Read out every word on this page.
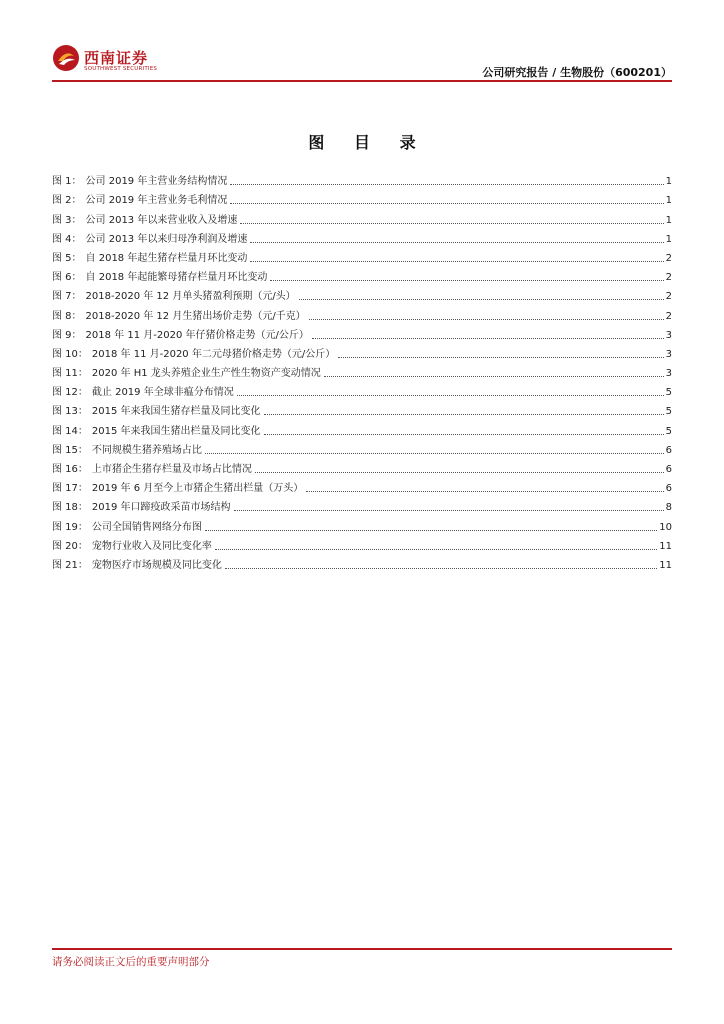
西南证券
SOUTHWEST SECURITIES	公司研究报告 / 生物股份（600201）
图 目 录
图 1： 公司 2019 年主营业务结构情况	1
图 2： 公司 2019 年主营业务毛利情况	1
图 3： 公司 2013 年以来营业收入及增速	1
图 4： 公司 2013 年以来归母净利润及增速	1
图 5： 自 2018 年起生猪存栏量月环比变动	2
图 6： 自 2018 年起能繁母猪存栏量月环比变动	2
图 7： 2018-2020 年 12 月单头猪盈利预期（元/头）	2
图 8： 2018-2020 年 12 月生猪出场价走势（元/千克）	2
图 9： 2018 年 11 月-2020 年仔猪价格走势（元/公斤）	3
图 10： 2018 年 11 月-2020 年二元母猪价格走势（元/公斤）	3
图 11： 2020 年 H1 龙头养殖企业生产性生物资产变动情况	3
图 12： 截止 2019 年全球非瘟分布情况	5
图 13： 2015 年来我国生猪存栏量及同比变化	5
图 14： 2015 年来我国生猪出栏量及同比变化	5
图 15： 不同规模生猪养殖场占比	6
图 16： 上市猪企生猪存栏量及市场占比情况	6
图 17： 2019 年 6 月至今上市猪企生猪出栏量（万头）	6
图 18： 2019 年口蹄疫政采苗市场结构	8
图 19： 公司全国销售网络分布图	10
图 20： 宠物行业收入及同比变化率	11
图 21： 宠物医疗市场规模及同比变化	11
请务必阅读正文后的重要声明部分
